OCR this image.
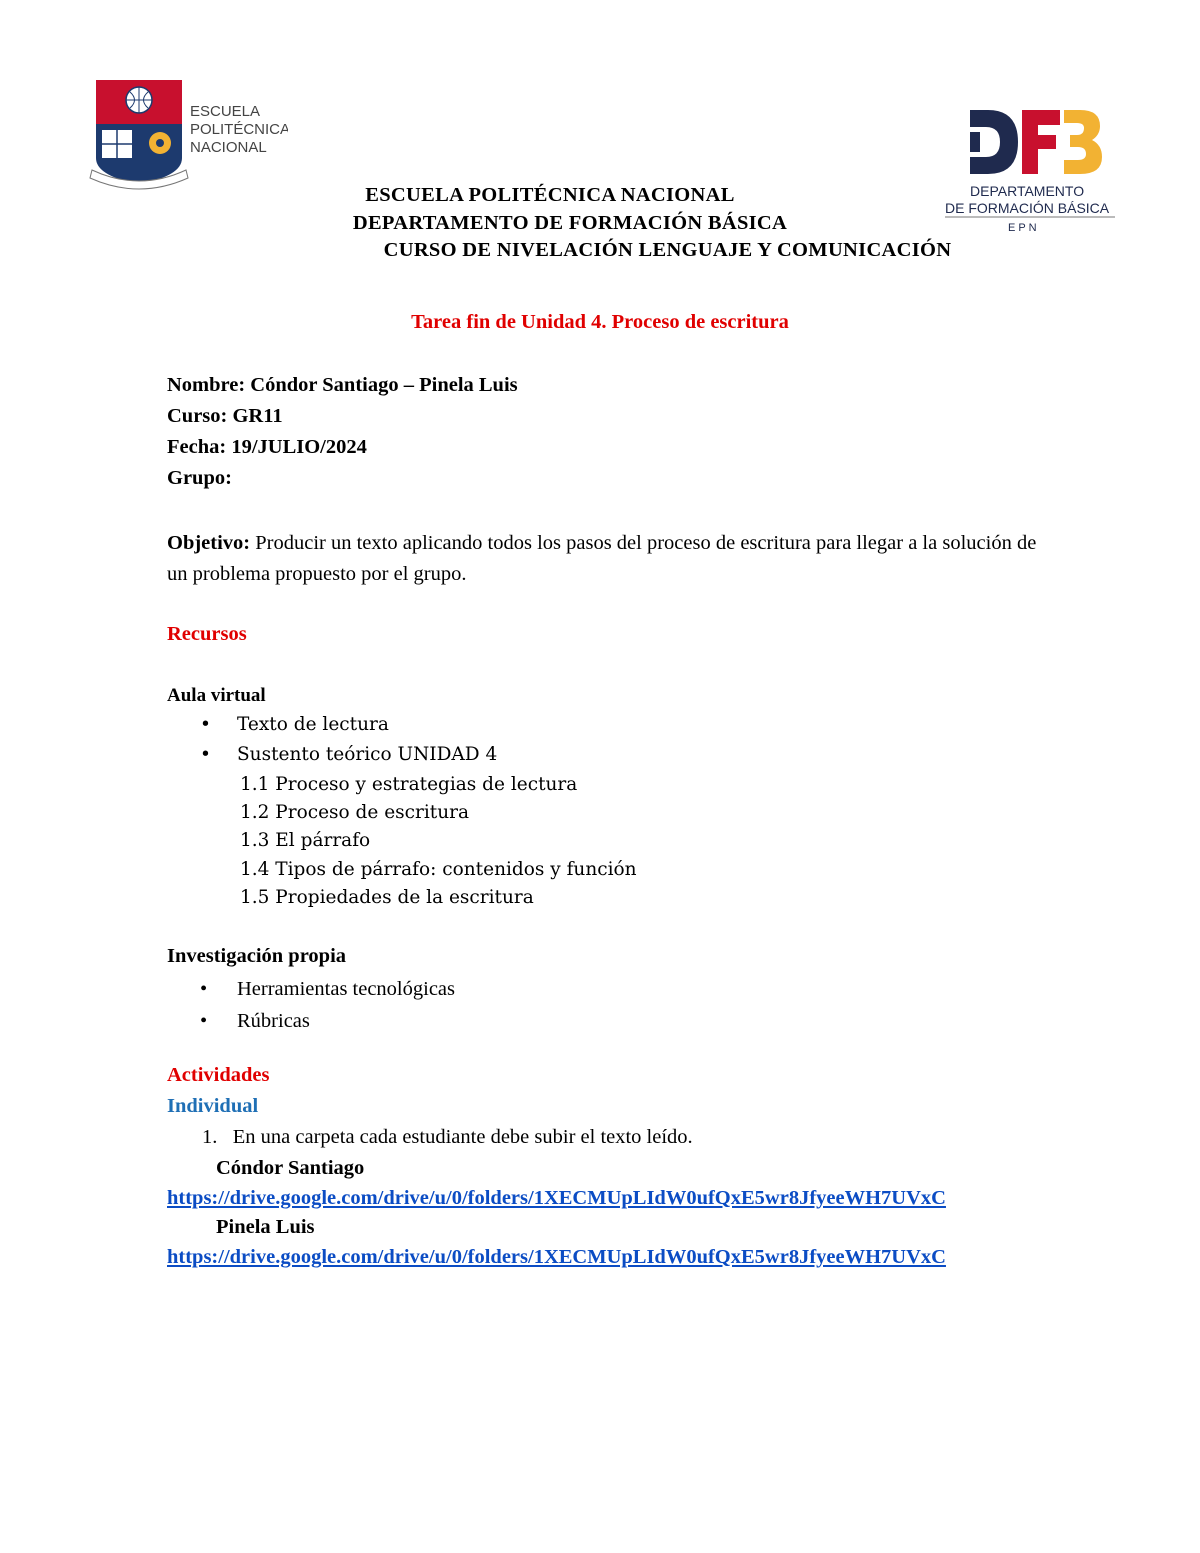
ESCUELA
POLITÉCNICA
NACIONAL
DEPARTAMENTO
DE FORMACIÓN BÁSICA
E P N
ESCUELA POLITÉCNICA NACIONAL
DEPARTAMENTO DE FORMACIÓN BÁSICA
CURSO DE NIVELACIÓN LENGUAJE Y COMUNICACIÓN
Tarea fin de Unidad 4. Proceso de escritura
Nombre: Cóndor Santiago – Pinela Luis
Curso: GR11
Fecha: 19/JULIO/2024
Grupo:
Objetivo: Producir un texto aplicando todos los pasos del proceso de escritura para llegar a la solución de un problema propuesto por el grupo.
Recursos
Aula virtual
• Texto de lectura
• Sustento teórico UNIDAD 4
1.1 Proceso y estrategias de lectura
1.2 Proceso de escritura
1.3 El párrafo
1.4 Tipos de párrafo: contenidos y función
1.5 Propiedades de la escritura
Investigación propia
• Herramientas tecnológicas
• Rúbricas
Actividades
Individual
1.   En una carpeta cada estudiante debe subir el texto leído.
Cóndor Santiago
https://drive.google.com/drive/u/0/folders/1XECMUpLIdW0ufQxE5wr8JfyeeWH7UVxC
Pinela Luis
https://drive.google.com/drive/u/0/folders/1XECMUpLIdW0ufQxE5wr8JfyeeWH7UVxC
